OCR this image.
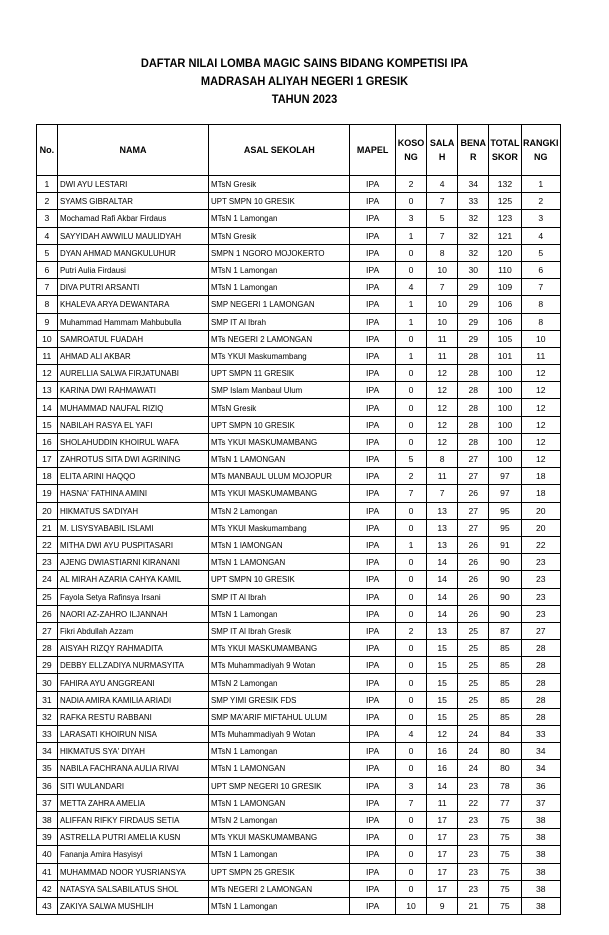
DAFTAR NILAI LOMBA MAGIC SAINS BIDANG KOMPETISI IPA
MADRASAH ALIYAH NEGERI 1 GRESIK
TAHUN 2023
No.	NAMA	ASAL SEKOLAH	MAPEL	KOSONG	SALAH	BENAR	TOTAL SKOR	RANGKING
1	DWI AYU LESTARI	MTsN Gresik	IPA	2	4	34	132	1
2	SYAMS GIBRALTAR	UPT SMPN 10 GRESIK	IPA	0	7	33	125	2
3	Mochamad Rafi Akbar Firdaus	MTsN 1 Lamongan	IPA	3	5	32	123	3
4	SAYYIDAH AWWILU MAULIDYAH	MTsN Gresik	IPA	1	7	32	121	4
5	DYAN AHMAD MANGKULUHUR	SMPN 1 NGORO MOJOKERTO	IPA	0	8	32	120	5
6	Putri Aulia Firdausi	MTsN 1 Lamongan	IPA	0	10	30	110	6
7	DIVA PUTRI ARSANTI	MTsN 1 Lamongan	IPA	4	7	29	109	7
8	KHALEVA ARYA DEWANTARA	SMP NEGERI 1 LAMONGAN	IPA	1	10	29	106	8
9	Muhammad Hammam Mahbubulla	SMP IT Al Ibrah	IPA	1	10	29	106	8
10	SAMROATUL FUADAH	MTs NEGERI 2 LAMONGAN	IPA	0	11	29	105	10
11	AHMAD ALI AKBAR	MTs YKUI Maskumambang	IPA	1	11	28	101	11
12	AURELLIA SALWA FIRJATUNABI	UPT SMPN 11 GRESIK	IPA	0	12	28	100	12
13	KARINA DWI RAHMAWATI	SMP Islam Manbaul Ulum	IPA	0	12	28	100	12
14	MUHAMMAD NAUFAL RIZIQ	MTsN Gresik	IPA	0	12	28	100	12
15	NABILAH RASYA EL YAFI	UPT SMPN 10 GRESIK	IPA	0	12	28	100	12
16	SHOLAHUDDIN KHOIRUL WAFA	MTs YKUI MASKUMAMBANG	IPA	0	12	28	100	12
17	ZAHROTUS SITA DWI AGRINING	MTsN 1 LAMONGAN	IPA	5	8	27	100	12
18	ELITA ARINI HAQQO	MTs MANBAUL ULUM MOJOPUR	IPA	2	11	27	97	18
19	HASNA' FATHINA AMINI	MTs YKUI MASKUMAMBANG	IPA	7	7	26	97	18
20	HIKMATUS SA'DIYAH	MTsN 2 Lamongan	IPA	0	13	27	95	20
21	M. LISYSYABABIL ISLAMI	MTs YKUI Maskumambang	IPA	0	13	27	95	20
22	MITHA DWI AYU PUSPITASARI	MTsN 1 lAMONGAN	IPA	1	13	26	91	22
23	AJENG DWIASTIARNI KIRANANI	MTsN 1 LAMONGAN	IPA	0	14	26	90	23
24	AL MIRAH AZARIA CAHYA KAMIL	UPT SMPN 10 GRESIK	IPA	0	14	26	90	23
25	Fayola Setya Rafinsya Irsani	SMP IT Al Ibrah	IPA	0	14	26	90	23
26	NAORI AZ-ZAHRO ILJANNAH	MTsN 1 Lamongan	IPA	0	14	26	90	23
27	Fikri Abdullah Azzam	SMP IT Al Ibrah Gresik	IPA	2	13	25	87	27
28	AISYAH RIZQY RAHMADITA	MTs YKUI MASKUMAMBANG	IPA	0	15	25	85	28
29	DEBBY ELLZADIYA NURMASYITA	MTs Muhammadiyah 9 Wotan	IPA	0	15	25	85	28
30	FAHIRA AYU ANGGREANI	MTsN 2 Lamongan	IPA	0	15	25	85	28
31	NADIA AMIRA KAMILIA ARIADI	SMP YIMI GRESIK FDS	IPA	0	15	25	85	28
32	RAFKA RESTU RABBANI	SMP MA'ARIF MIFTAHUL ULUM	IPA	0	15	25	85	28
33	LARASATI KHOIRUN NISA	MTs Muhammadiyah 9 Wotan	IPA	4	12	24	84	33
34	HIKMATUS SYA' DIYAH	MTsN 1 Lamongan	IPA	0	16	24	80	34
35	NABILA FACHRANA AULIA RIVAI	MTsN 1 LAMONGAN	IPA	0	16	24	80	34
36	SITI WULANDARI	UPT SMP NEGERI 10 GRESIK	IPA	3	14	23	78	36
37	METTA ZAHRA AMELIA	MTsN 1 LAMONGAN	IPA	7	11	22	77	37
38	ALIFFAN RIFKY FIRDAUS SETIA	MTsN 2 Lamongan	IPA	0	17	23	75	38
39	ASTRELLA PUTRI AMELIA KUSN	MTs YKUI MASKUMAMBANG	IPA	0	17	23	75	38
40	Fananja Amira Hasyisyi	MTsN 1 Lamongan	IPA	0	17	23	75	38
41	MUHAMMAD NOOR YUSRIANSYA	UPT SMPN 25 GRESIK	IPA	0	17	23	75	38
42	NATASYA SALSABILATUS SHOL	MTs NEGERI 2 LAMONGAN	IPA	0	17	23	75	38
43	ZAKIYA SALWA MUSHLIH	MTsN 1 Lamongan	IPA	10	9	21	75	38
